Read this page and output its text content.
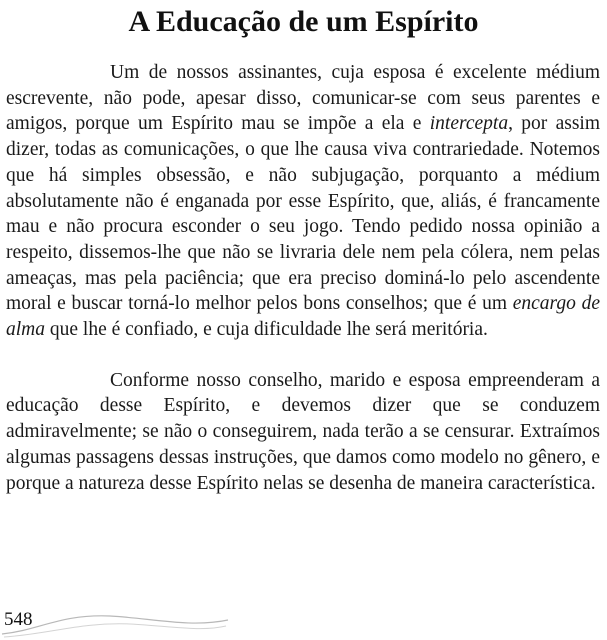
A Educação de um Espírito

Um de nossos assinantes, cuja esposa é excelente médium escrevente, não pode, apesar disso, comunicar-se com seus parentes e amigos, porque um Espírito mau se impõe a ela e intercepta, por assim dizer, todas as comunicações, o que lhe causa viva contrariedade. Notemos que há simples obsessão, e não subjugação, porquanto a médium absolutamente não é enganada por esse Espírito, que, aliás, é francamente mau e não procura esconder o seu jogo. Tendo pedido nossa opinião a respeito, dissemos-lhe que não se livraria dele nem pela cólera, nem pelas ameaças, mas pela paciência; que era preciso dominá-lo pelo ascendente moral e buscar torná-lo melhor pelos bons conselhos; que é um encargo de alma que lhe é confiado, e cuja dificuldade lhe será meritória.

Conforme nosso conselho, marido e esposa empreenderam a educação desse Espírito, e devemos dizer que se conduzem admiravelmente; se não o conseguirem, nada terão a se censurar. Extraímos algumas passagens dessas instruções, que damos como modelo no gênero, e porque a natureza desse Espírito nelas se desenha de maneira característica.

548
